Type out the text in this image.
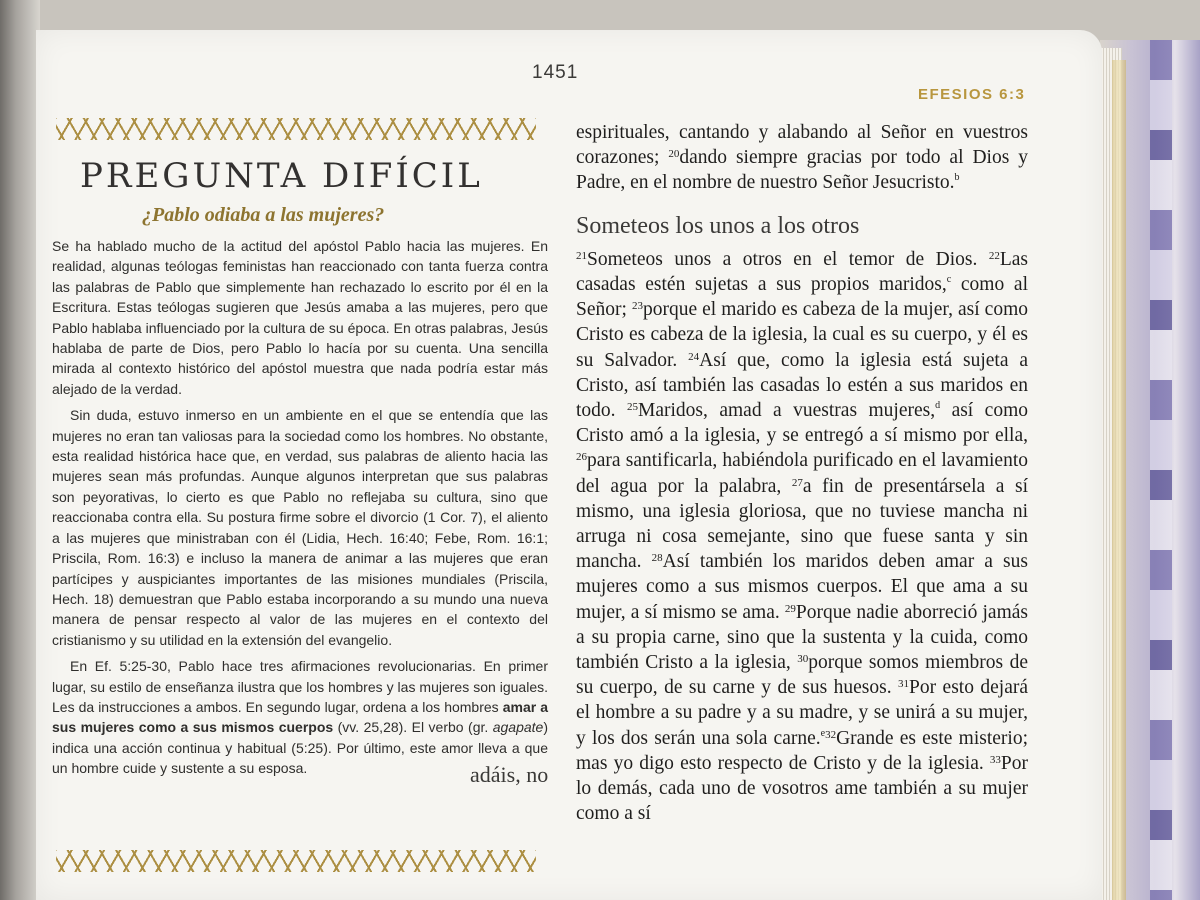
1451
EFESIOS 6:3
PREGUNTA DIFÍCIL
¿Pablo odiaba a las mujeres?

Se ha hablado mucho de la actitud del apóstol Pablo hacia las mujeres. En realidad, algunas teólogas feministas han reaccionado con tanta fuerza contra las palabras de Pablo que simplemente han rechazado lo escrito por él en la Escritura. Estas teólogas sugieren que Jesús amaba a las mujeres, pero que Pablo hablaba influenciado por la cultura de su época. En otras palabras, Jesús hablaba de parte de Dios, pero Pablo lo hacía por su cuenta. Una sencilla mirada al contexto histórico del apóstol muestra que nada podría estar más alejado de la verdad.

Sin duda, estuvo inmerso en un ambiente en el que se entendía que las mujeres no eran tan valiosas para la sociedad como los hombres. No obstante, esta realidad histórica hace que, en verdad, sus palabras de aliento hacia las mujeres sean más profundas. Aunque algunos interpretan que sus palabras son peyorativas, lo cierto es que Pablo no reflejaba su cultura, sino que reaccionaba contra ella. Su postura firme sobre el divorcio (1 Cor. 7), el aliento a las mujeres que ministraban con él (Lidia, Hech. 16:40; Febe, Rom. 16:1; Priscila, Rom. 16:3) e incluso la manera de animar a las mujeres que eran partícipes y auspiciantes importantes de las misiones mundiales (Priscila, Hech. 18) demuestran que Pablo estaba incorporando a su mundo una nueva manera de pensar respecto al valor de las mujeres en el contexto del cristianismo y su utilidad en la extensión del evangelio.

En Ef. 5:25-30, Pablo hace tres afirmaciones revolucionarias. En primer lugar, su estilo de enseñanza ilustra que los hombres y las mujeres son iguales. Les da instrucciones a ambos. En segundo lugar, ordena a los hombres amar a sus mujeres como a sus mismos cuerpos (vv. 25,28). El verbo (gr. agapate) indica una acción continua y habitual (5:25). Por último, este amor lleva a que un hombre cuide y sustente a su esposa.	adáis, no

espirituales, cantando y alabando al Señor en vuestros corazones; $^{20}$dando siempre gracias por todo al Dios y Padre, en el nombre de nuestro Señor Jesucristo.$^b$

Someteos los unos a los otros

$^{21}$Someteos unos a otros en el temor de Dios. $^{22}$Las casadas estén sujetas a sus propios maridos,$^c$ como al Señor; $^{23}$porque el marido es cabeza de la mujer, así como Cristo es cabeza de la iglesia, la cual es su cuerpo, y él es su Salvador. $^{24}$Así que, como la iglesia está sujeta a Cristo, así también las casadas lo estén a sus maridos en todo. $^{25}$Maridos, amad a vuestras mujeres,$^d$ así como Cristo amó a la iglesia, y se entregó a sí mismo por ella, $^{26}$para santificarla, habiéndola purificado en el lavamiento del agua por la palabra, $^{27}$a fin de presentársela a sí mismo, una iglesia gloriosa, que no tuviese mancha ni arruga ni cosa semejante, sino que fuese santa y sin mancha. $^{28}$Así también los maridos deben amar a sus mujeres como a sus mismos cuerpos. El que ama a su mujer, a sí mismo se ama. $^{29}$Porque nadie aborreció jamás a su propia carne, sino que la sustenta y la cuida, como también Cristo a la iglesia, $^{30}$porque somos miembros de su cuerpo, de su carne y de sus huesos. $^{31}$Por esto dejará el hombre a su padre y a su madre, y se unirá a su mujer, y los dos serán una sola carne.$^{e32}$Grande es este misterio; mas yo digo esto respecto de Cristo y de la iglesia. $^{33}$Por lo demás, cada uno de vosotros ame también a su mujer como a sí
